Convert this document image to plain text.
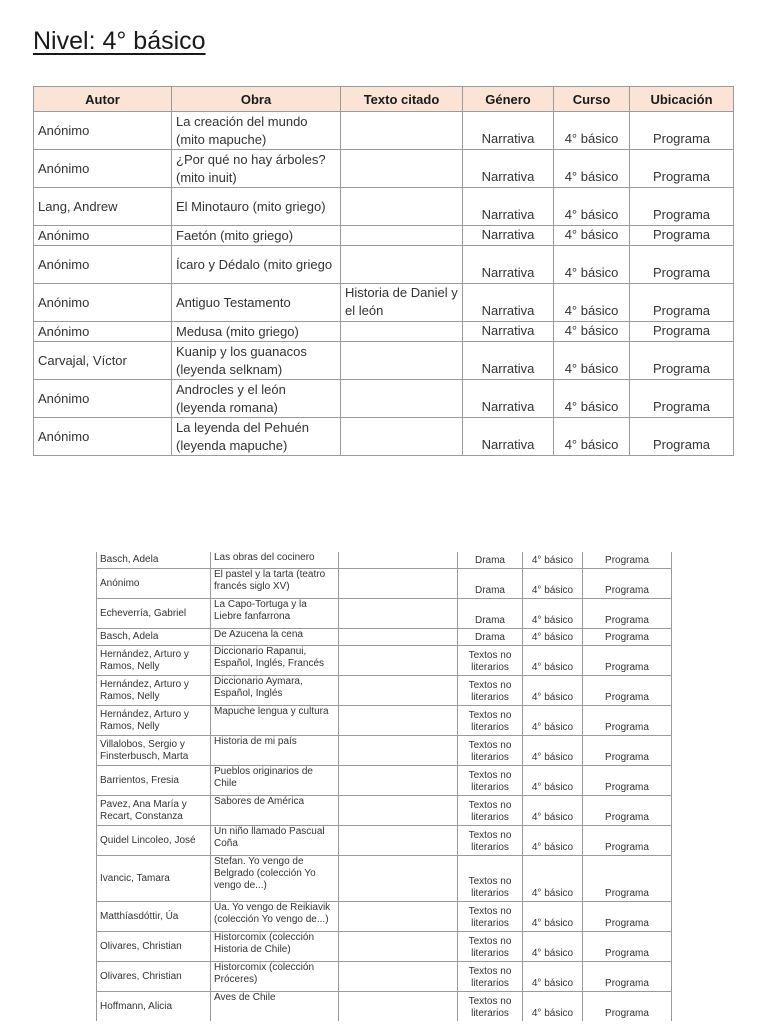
Nivel: 4° básico
Autor	Obra	Texto citado	Género	Curso	Ubicación
Anónimo	La creación del mundo (mito mapuche)		Narrativa	4° básico	Programa
Anónimo	¿Por qué no hay árboles? (mito inuit)		Narrativa	4° básico	Programa
Lang, Andrew	El Minotauro (mito griego)		Narrativa	4° básico	Programa
Anónimo	Faetón (mito griego)		Narrativa	4° básico	Programa
Anónimo	Ícaro y Dédalo (mito griego		Narrativa	4° básico	Programa
Anónimo	Antiguo Testamento	Historia de Daniel y el león	Narrativa	4° básico	Programa
Anónimo	Medusa (mito griego)		Narrativa	4° básico	Programa
Carvajal, Víctor	Kuanip y los guanacos (leyenda selknam)		Narrativa	4° básico	Programa
Anónimo	Androcles y el león (leyenda romana)		Narrativa	4° básico	Programa
Anónimo	La leyenda del Pehuén (leyenda mapuche)		Narrativa	4° básico	Programa
Basch, Adela	Las obras del cocinero		Drama	4° básico	Programa
Anónimo	El pastel y la tarta (teatro francés siglo XV)		Drama	4° básico	Programa
Echeverría, Gabriel	La Capo-Tortuga y la Liebre fanfarrona		Drama	4° básico	Programa
Basch, Adela	De Azucena la cena		Drama	4° básico	Programa
Hernández, Arturo y Ramos, Nelly	Diccionario Rapanui, Español, Inglés, Francés		Textos no literarios	4° básico	Programa
Hernández, Arturo y Ramos, Nelly	Diccionario Aymara, Español, Inglés		Textos no literarios	4° básico	Programa
Hernández, Arturo y Ramos, Nelly	Mapuche lengua y cultura		Textos no literarios	4° básico	Programa
Villalobos, Sergio y Finsterbusch, Marta	Historia de mi país		Textos no literarios	4° básico	Programa
Barrientos, Fresia	Pueblos originarios de Chile		Textos no literarios	4° básico	Programa
Pavez, Ana María y Recart, Constanza	Sabores de América		Textos no literarios	4° básico	Programa
Quidel Lincoleo, José	Un niño llamado Pascual Coña		Textos no literarios	4° básico	Programa
Ivancic, Tamara	Stefan. Yo vengo de Belgrado (colección Yo vengo de...)		Textos no literarios	4° básico	Programa
Matthíasdóttir, Úa	Úa. Yo vengo de Reikiavik (colección Yo vengo de...)		Textos no literarios	4° básico	Programa
Olivares, Christian	Historcomix (colección Historia de Chile)		Textos no literarios	4° básico	Programa
Olivares, Christian	Historcomix (colección Próceres)		Textos no literarios	4° básico	Programa
Hoffmann, Alicia	Aves de Chile		Textos no literarios	4° básico	Programa
